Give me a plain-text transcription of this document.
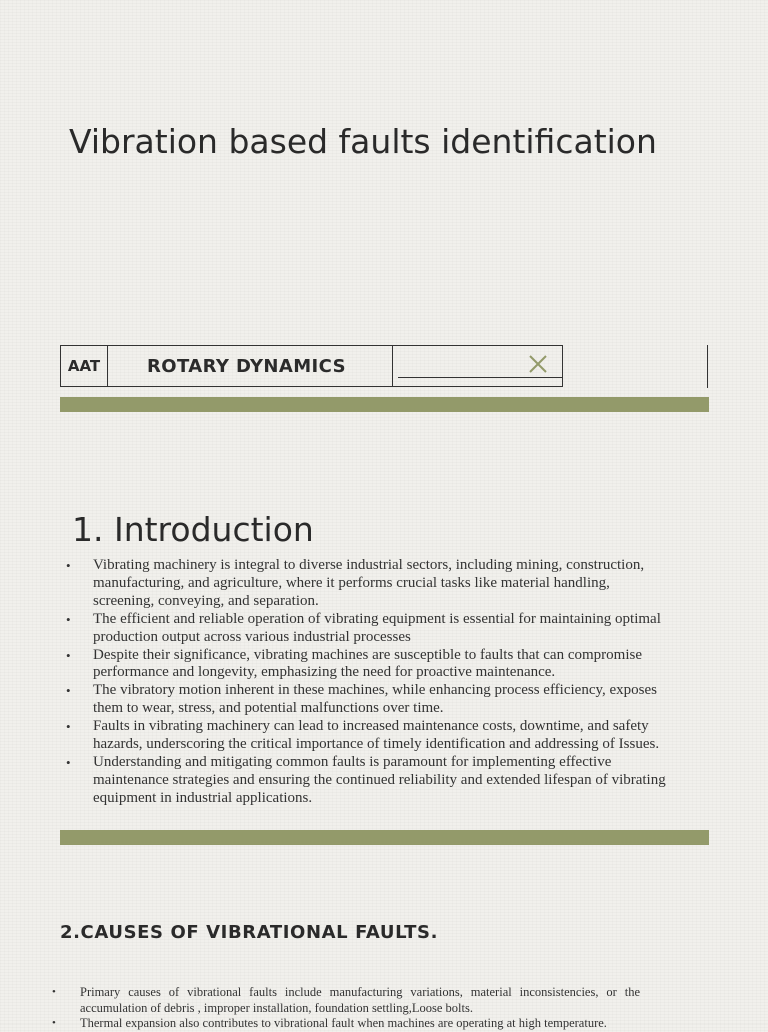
Vibration based faults identification
AAT	ROTARY DYNAMICS
1. Introduction
• Vibrating machinery is integral to diverse industrial sectors, including mining, construction, manufacturing, and agriculture, where it performs crucial tasks like material handling, screening, conveying, and separation.
• The efficient and reliable operation of vibrating equipment is essential for maintaining optimal production output across various industrial processes
• Despite their significance, vibrating machines are susceptible to faults that can compromise performance and longevity, emphasizing the need for proactive maintenance.
• The vibratory motion inherent in these machines, while enhancing process efficiency, exposes them to wear, stress, and potential malfunctions over time.
• Faults in vibrating machinery can lead to increased maintenance costs, downtime, and safety hazards, underscoring the critical importance of timely identification and addressing of Issues.
• Understanding and mitigating common faults is paramount for implementing effective maintenance strategies and ensuring the continued reliability and extended lifespan of vibrating equipment in industrial applications.
2.CAUSES OF VIBRATIONAL FAULTS.
• Primary causes of vibrational faults include manufacturing variations, material inconsistencies, or the accumulation of debris , improper installation, foundation settling,Loose bolts.
• Thermal expansion also contributes to vibrational fault when machines are operating at high temperature.
